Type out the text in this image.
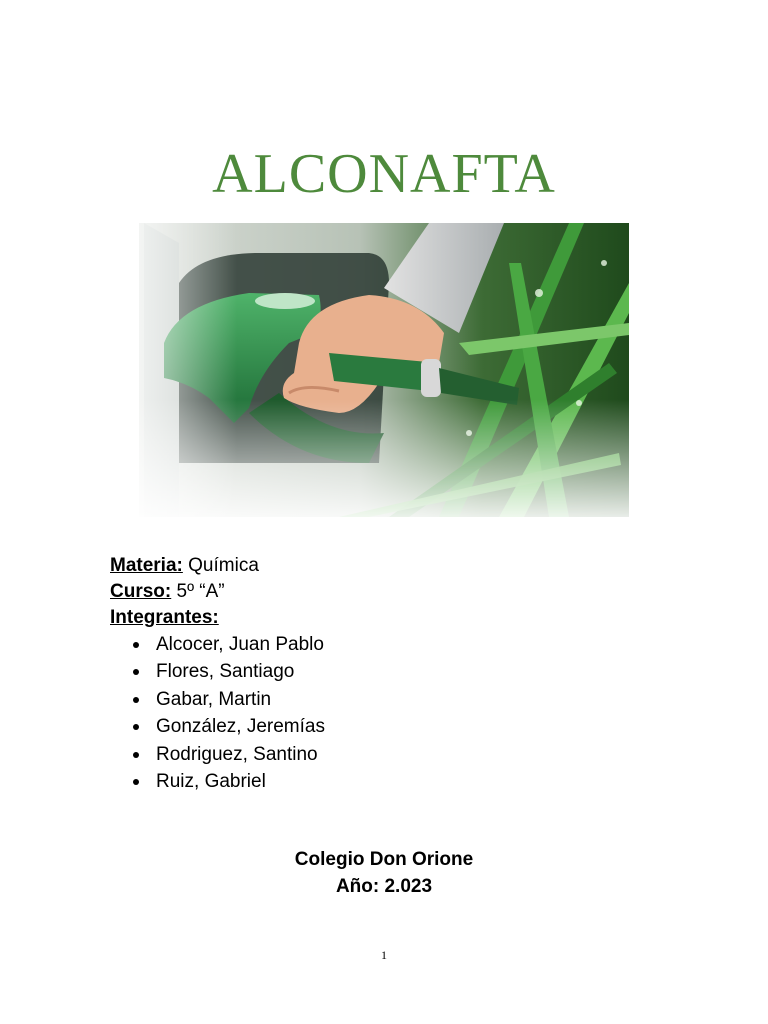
ALCONAFTA
Materia: Química
Curso: 5º “A”
Integrantes:
Alcocer, Juan Pablo
Flores, Santiago
Gabar, Martin
González, Jeremías
Rodriguez, Santino
Ruiz, Gabriel
Colegio Don Orione
Año: 2.023
1
